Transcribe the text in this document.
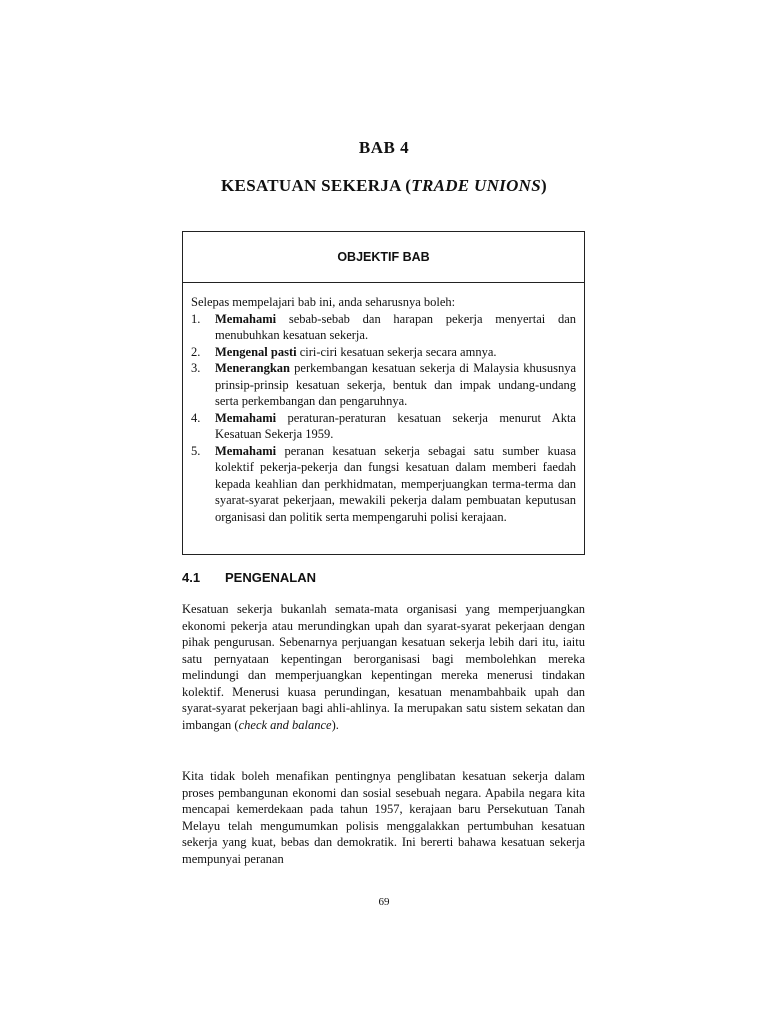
BAB 4
KESATUAN SEKERJA (TRADE UNIONS)
OBJEKTIF BAB
Selepas mempelajari bab ini, anda seharusnya boleh:
1.	Memahami sebab-sebab dan harapan pekerja menyertai dan menubuhkan kesatuan sekerja.
2.	Mengenal pasti ciri-ciri kesatuan sekerja secara amnya.
3.	Menerangkan perkembangan kesatuan sekerja di Malaysia khususnya prinsip-prinsip kesatuan sekerja, bentuk dan impak undang-undang serta perkembangan dan pengaruhnya.
4.	Memahami peraturan-peraturan kesatuan sekerja menurut Akta Kesatuan Sekerja 1959.
5.	Memahami peranan kesatuan sekerja sebagai satu sumber kuasa kolektif pekerja-pekerja dan fungsi kesatuan dalam memberi faedah kepada keahlian dan perkhidmatan, memperjuangkan terma-terma dan syarat-syarat pekerjaan, mewakili pekerja dalam pembuatan keputusan organisasi dan politik serta mempengaruhi polisi kerajaan.
4.1 PENGENALAN

Kesatuan sekerja bukanlah semata-mata organisasi yang memperjuangkan ekonomi pekerja atau merundingkan upah dan syarat-syarat pekerjaan dengan pihak pengurusan. Sebenarnya perjuangan kesatuan sekerja lebih dari itu, iaitu satu pernyataan kepentingan berorganisasi bagi membolehkan mereka melindungi dan memperjuangkan kepentingan mereka menerusi tindakan kolektif. Menerusi kuasa perundingan, kesatuan menambahbaik upah dan syarat-syarat pekerjaan bagi ahli-ahlinya. Ia merupakan satu sistem sekatan dan imbangan (check and balance).

Kita tidak boleh menafikan pentingnya penglibatan kesatuan sekerja dalam proses pembangunan ekonomi dan sosial sesebuah negara. Apabila negara kita mencapai kemerdekaan pada tahun 1957, kerajaan baru Persekutuan Tanah Melayu telah mengumumkan polisis menggalakkan pertumbuhan kesatuan sekerja yang kuat, bebas dan demokratik. Ini bererti bahawa kesatuan sekerja mempunyai peranan

69
